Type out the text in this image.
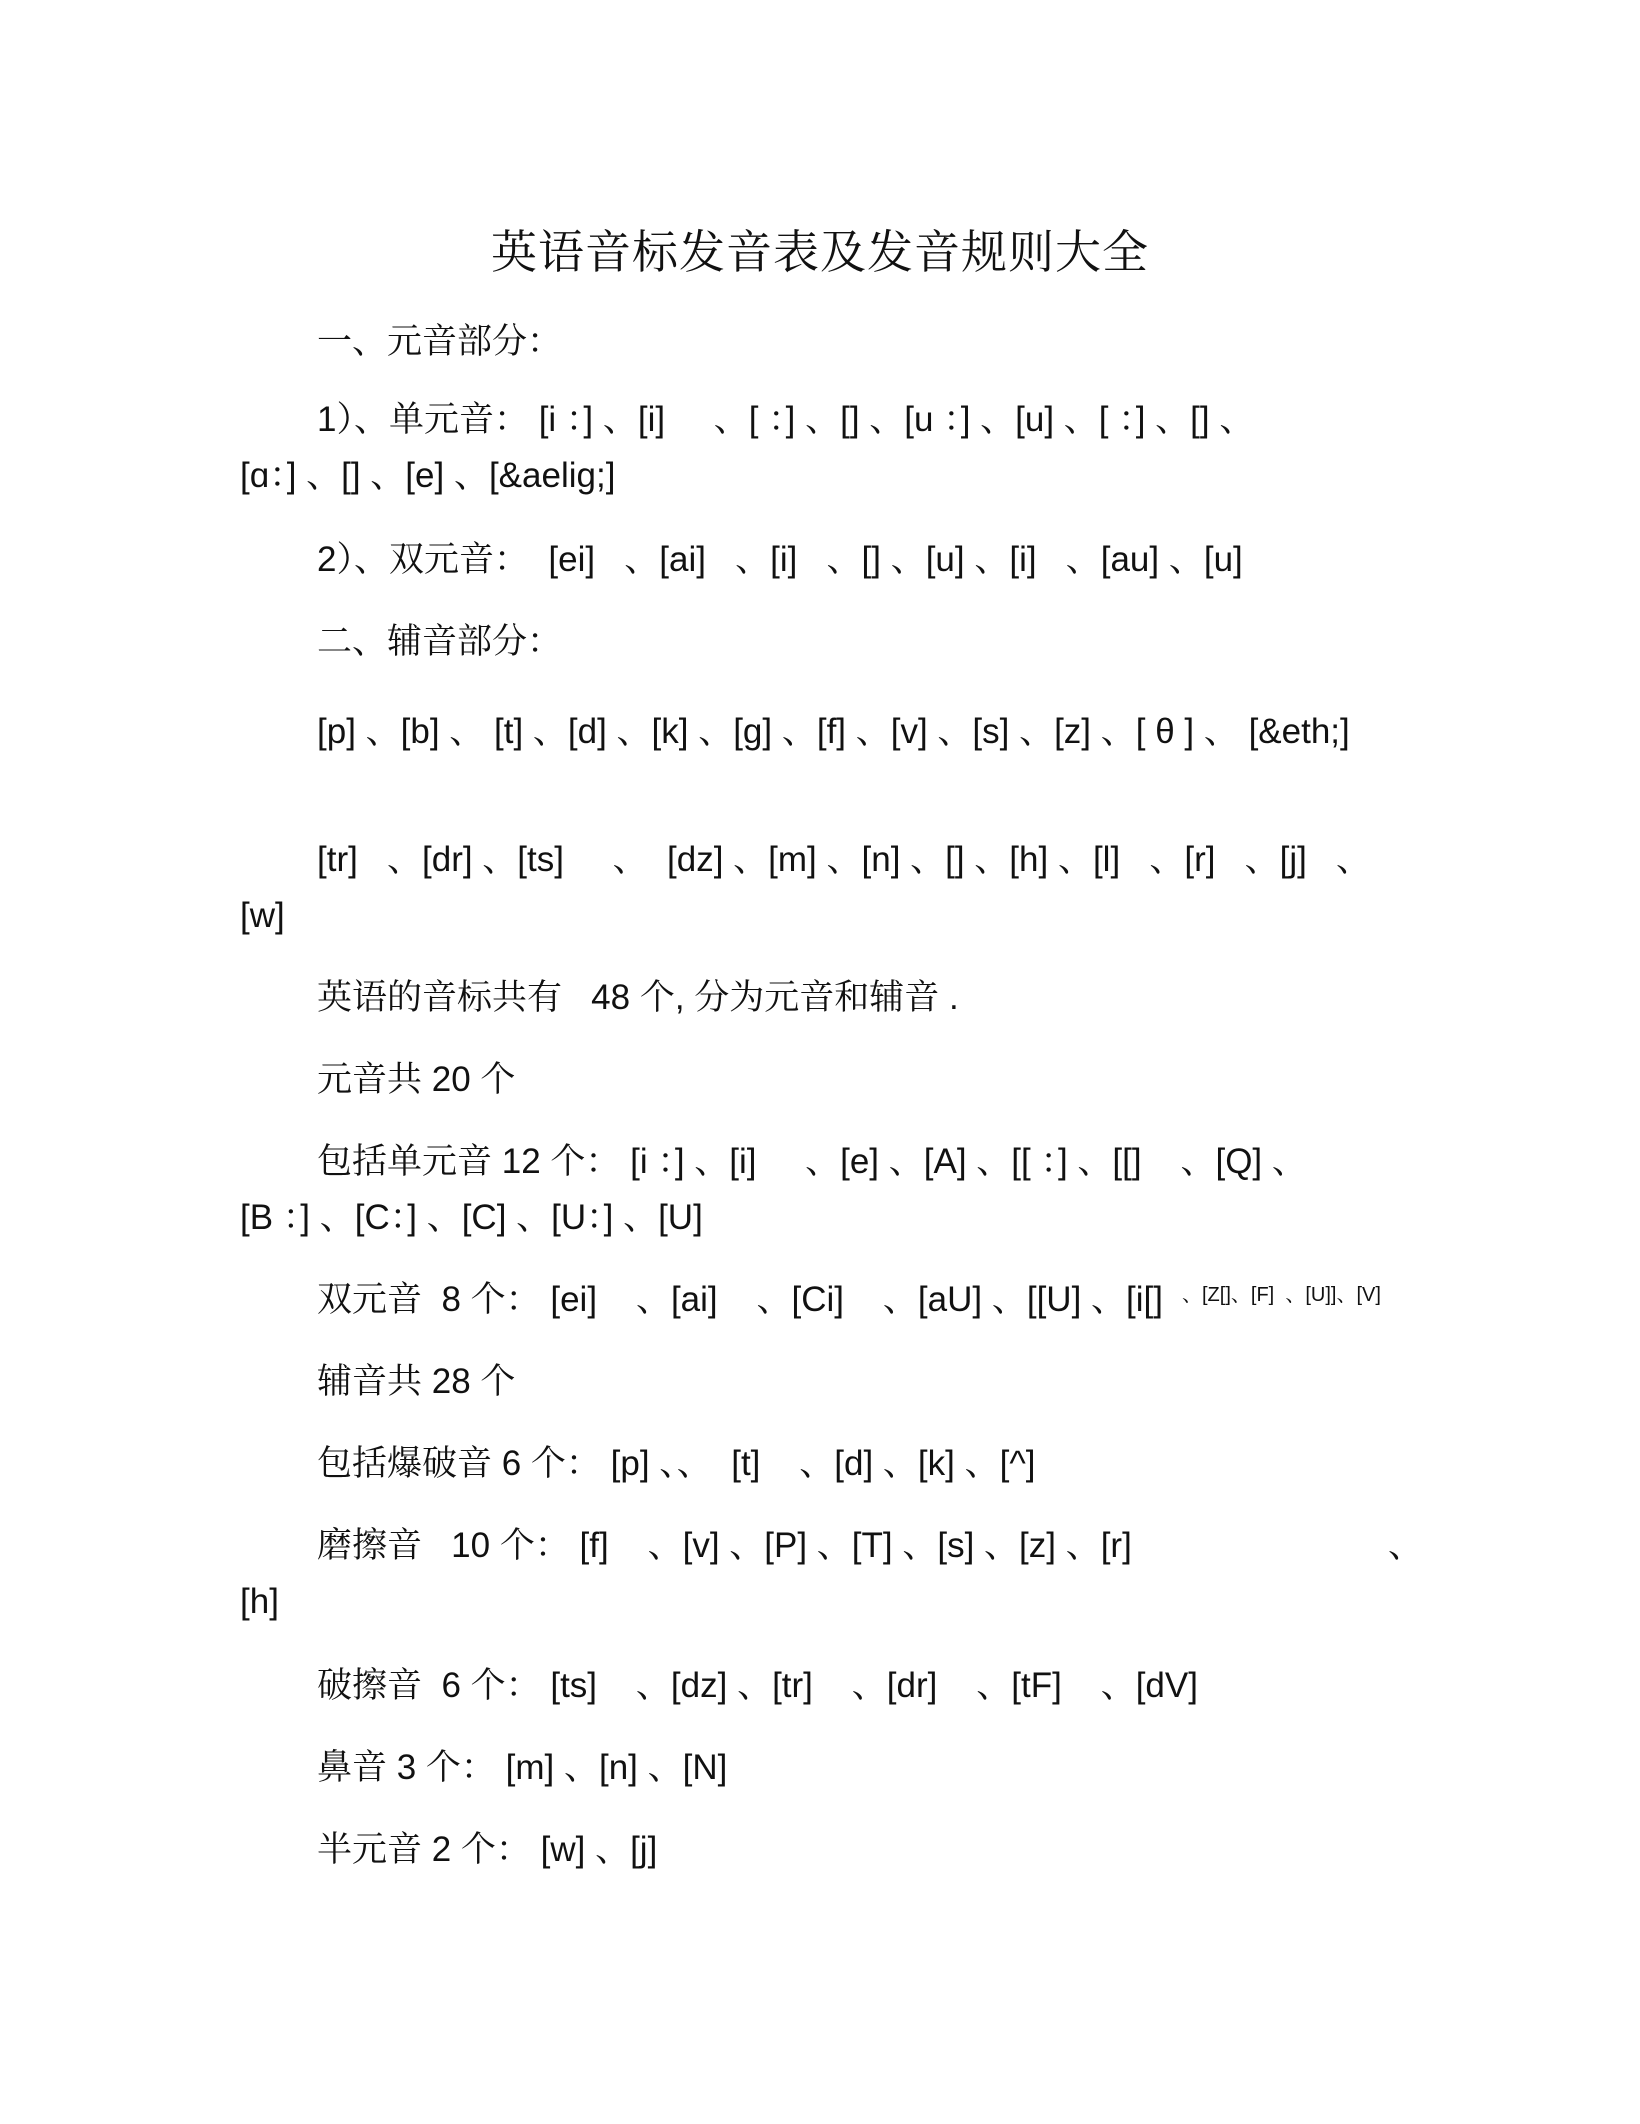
英语音标发音表及发音规则大全
一、元音部分：
1）、单元音： [i ：] 、[i]     、[ ：] 、[] 、[u ：] 、[u] 、[ ：] 、[] 、
[ɑ：] 、[] 、[e] 、[&aelig;]
2）、双元音：  [ei]   、[ai]   、[i]   、[] 、[u] 、[i]   、[au] 、[u]
二、辅音部分：
[p] 、[b] 、 [t] 、[d] 、[k] 、[g] 、[f] 、[v] 、[s] 、[z] 、[ θ ] 、 [&eth;]
[tr]   、[dr] 、[ts]     、  [dz] 、[m] 、[n] 、[] 、[h] 、[l]   、[r]   、[j]   、
[w]
英语的音标共有   48 个, 分为元音和辅音 .
元音共 20 个
包括单元音 12 个： [i ：] 、[i]     、[e] 、[A] 、[[ ：] 、[[]    、[Q] 、
[B ：] 、[C：] 、[C] 、[U：] 、[U]
双元音  8 个： [ei]    、[ai]    、[Ci]    、[aU] 、[[U] 、[i[] 、[Z[]、[F]  、[U]]、[V]
辅音共 28 个
包括爆破音 6 个： [p] 、、  [t]    、[d] 、[k] 、[^]
磨擦音   10 个： [f]    、[v] 、[P] 、[T] 、[s] 、[z] 、[r]	、
[h]
破擦音  6 个： [ts]    、[dz] 、[tr]    、[dr]    、[tF]    、[dV]
鼻音 3 个： [m] 、[n] 、[N]
半元音 2 个： [w] 、[j]
